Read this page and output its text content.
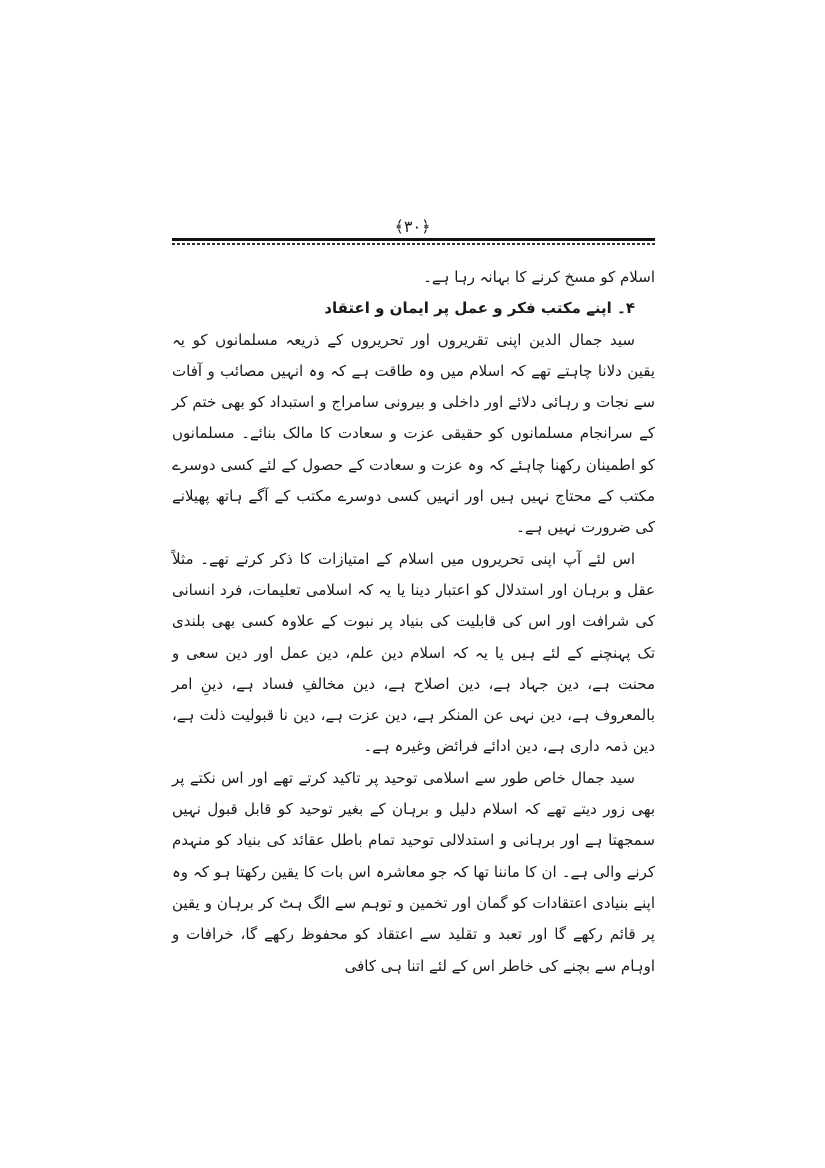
﴿۳۰﴾

اسلام کو مسخ کرنے کا بہانہ رہا ہے۔

۴۔ اپنے مکتب فکر و عمل پر ایمان و اعتقاد

سید جمال الدین اپنی تقریروں اور تحریروں کے ذریعہ مسلمانوں کو یہ یقین دلانا چاہتے تھے کہ اسلام میں وہ طاقت ہے کہ وہ انہیں مصائب و آفات سے نجات و رہائی دلائے اور داخلی و بیرونی سامراج و استبداد کو بھی ختم کر کے سرانجام مسلمانوں کو حقیقی عزت و سعادت کا مالک بنائے۔ مسلمانوں کو اطمینان رکھنا چاہئے کہ وہ عزت و سعادت کے حصول کے لئے کسی دوسرے مکتب کے محتاج نہیں ہیں اور انہیں کسی دوسرے مکتب کے آگے ہاتھ پھیلانے کی ضرورت نہیں ہے۔

اس لئے آپ اپنی تحریروں میں اسلام کے امتیازات کا ذکر کرتے تھے۔ مثلاً عقل و برہان اور استدلال کو اعتبار دینا یا یہ کہ اسلامی تعلیمات، فرد انسانی کی شرافت اور اس کی قابلیت کی بنیاد پر نبوت کے علاوہ کسی بھی بلندی تک پہنچنے کے لئے ہیں یا یہ کہ اسلام دین علم، دین عمل اور دین سعی و محنت ہے، دین جہاد ہے، دین اصلاح ہے، دین مخالفِ فساد ہے، دینِ امر بالمعروف ہے، دین نہی عن المنکر ہے، دین عزت ہے، دین نا قبولیت ذلت ہے، دین ذمہ داری ہے، دین ادائے فرائض وغیرہ ہے۔

سید جمال خاص طور سے اسلامی توحید پر تاکید کرتے تھے اور اس نکتے پر بھی زور دیتے تھے کہ اسلام دلیل و برہان کے بغیر توحید کو قابل قبول نہیں سمجھتا ہے اور برہانی و استدلالی توحید تمام باطل عقائد کی بنیاد کو منہدم کرنے والی ہے۔ ان کا ماننا تھا کہ جو معاشرہ اس بات کا یقین رکھتا ہو کہ وہ اپنے بنیادی اعتقادات کو گمان اور تخمین و توہم سے الگ ہٹ کر برہان و یقین پر قائم رکھے گا اور تعبد و تقلید سے اعتقاد کو محفوظ رکھے گا، خرافات و اوہام سے بچنے کی خاطر اس کے لئے اتنا ہی کافی
